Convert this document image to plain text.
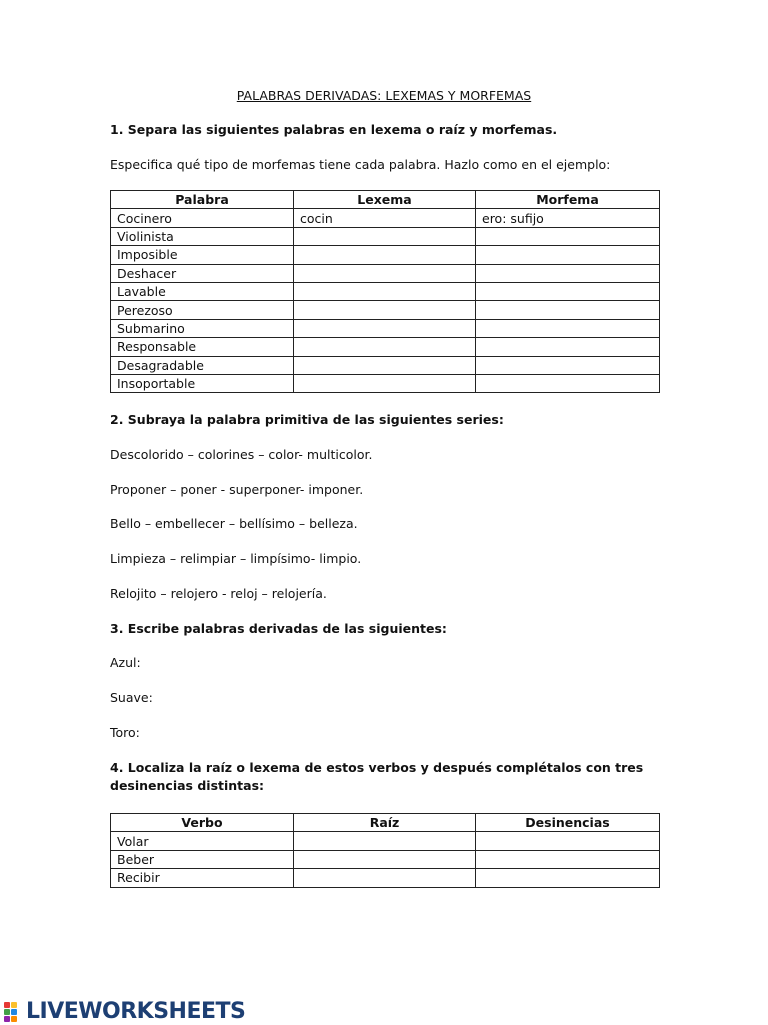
PALABRAS DERIVADAS: LEXEMAS Y MORFEMAS
1. Separa las siguientes palabras en lexema o raíz y morfemas.
Especifica qué tipo de morfemas tiene cada palabra. Hazlo como en el ejemplo:
Palabra	Lexema	Morfema
Cocinero	cocin	ero: sufijo
Violinista		
Imposible		
Deshacer		
Lavable		
Perezoso		
Submarino		
Responsable		
Desagradable		
Insoportable		
2. Subraya la palabra primitiva de las siguientes series:
Descolorido – colorines – color- multicolor.
Proponer – poner - superponer- imponer.
Bello – embellecer – bellísimo – belleza.
Limpieza – relimpiar – limpísimo- limpio.
Relojito – relojero - reloj – relojería.
3. Escribe palabras derivadas de las siguientes:
Azul:
Suave:
Toro:
4. Localiza la raíz o lexema de estos verbos y después complétalos con tres
desinencias distintas:
Verbo	Raíz	Desinencias
Volar		
Beber		
Recibir		
LIVEWORKSHEETS
